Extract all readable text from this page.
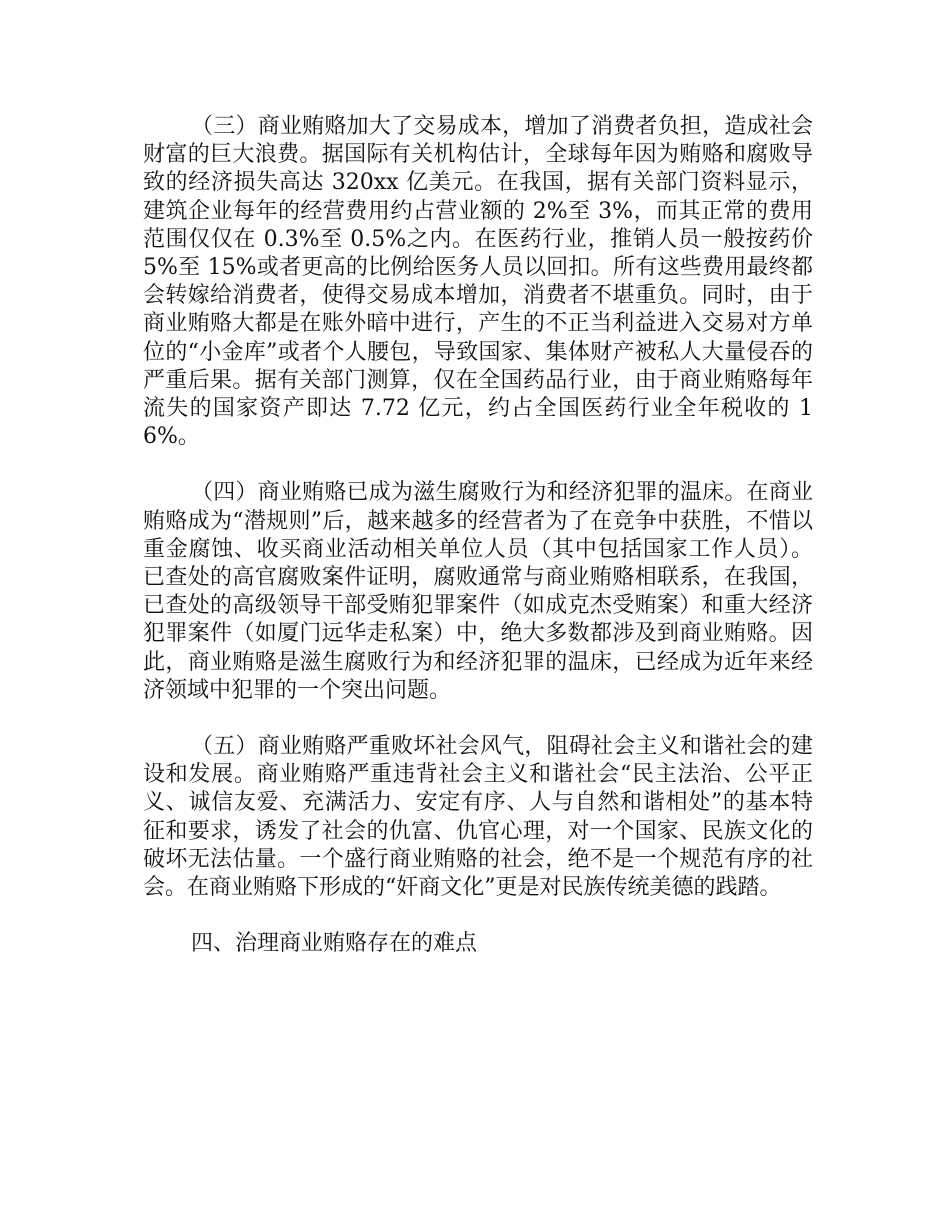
（三）商业贿赂加大了交易成本，增加了消费者负担，造成社会财富的巨大浪费。据国际有关机构估计，全球每年因为贿赂和腐败导致的经济损失高达 320xx 亿美元。在我国，据有关部门资料显示，建筑企业每年的经营费用约占营业额的 2%至 3%，而其正常的费用范围仅仅在 0.3%至 0.5%之内。在医药行业，推销人员一般按药价 5%至 15%或者更高的比例给医务人员以回扣。所有这些费用最终都会转嫁给消费者，使得交易成本增加，消费者不堪重负。同时，由于商业贿赂大都是在账外暗中进行，产生的不正当利益进入交易对方单位的“小金库”或者个人腰包，导致国家、集体财产被私人大量侵吞的严重后果。据有关部门测算，仅在全国药品行业，由于商业贿赂每年流失的国家资产即达 7.72 亿元，约占全国医药行业全年税收的 16%。

（四）商业贿赂已成为滋生腐败行为和经济犯罪的温床。在商业贿赂成为“潜规则”后，越来越多的经营者为了在竞争中获胜，不惜以重金腐蚀、收买商业活动相关单位人员（其中包括国家工作人员）。已查处的高官腐败案件证明，腐败通常与商业贿赂相联系，在我国，已查处的高级领导干部受贿犯罪案件（如成克杰受贿案）和重大经济犯罪案件（如厦门远华走私案）中，绝大多数都涉及到商业贿赂。因此，商业贿赂是滋生腐败行为和经济犯罪的温床，已经成为近年来经济领域中犯罪的一个突出问题。

（五）商业贿赂严重败坏社会风气，阻碍社会主义和谐社会的建设和发展。商业贿赂严重违背社会主义和谐社会“民主法治、公平正义、诚信友爱、充满活力、安定有序、人与自然和谐相处”的基本特征和要求，诱发了社会的仇富、仇官心理，对一个国家、民族文化的破坏无法估量。一个盛行商业贿赂的社会，绝不是一个规范有序的社会。在商业贿赂下形成的“奸商文化”更是对民族传统美德的践踏。

四、治理商业贿赂存在的难点
